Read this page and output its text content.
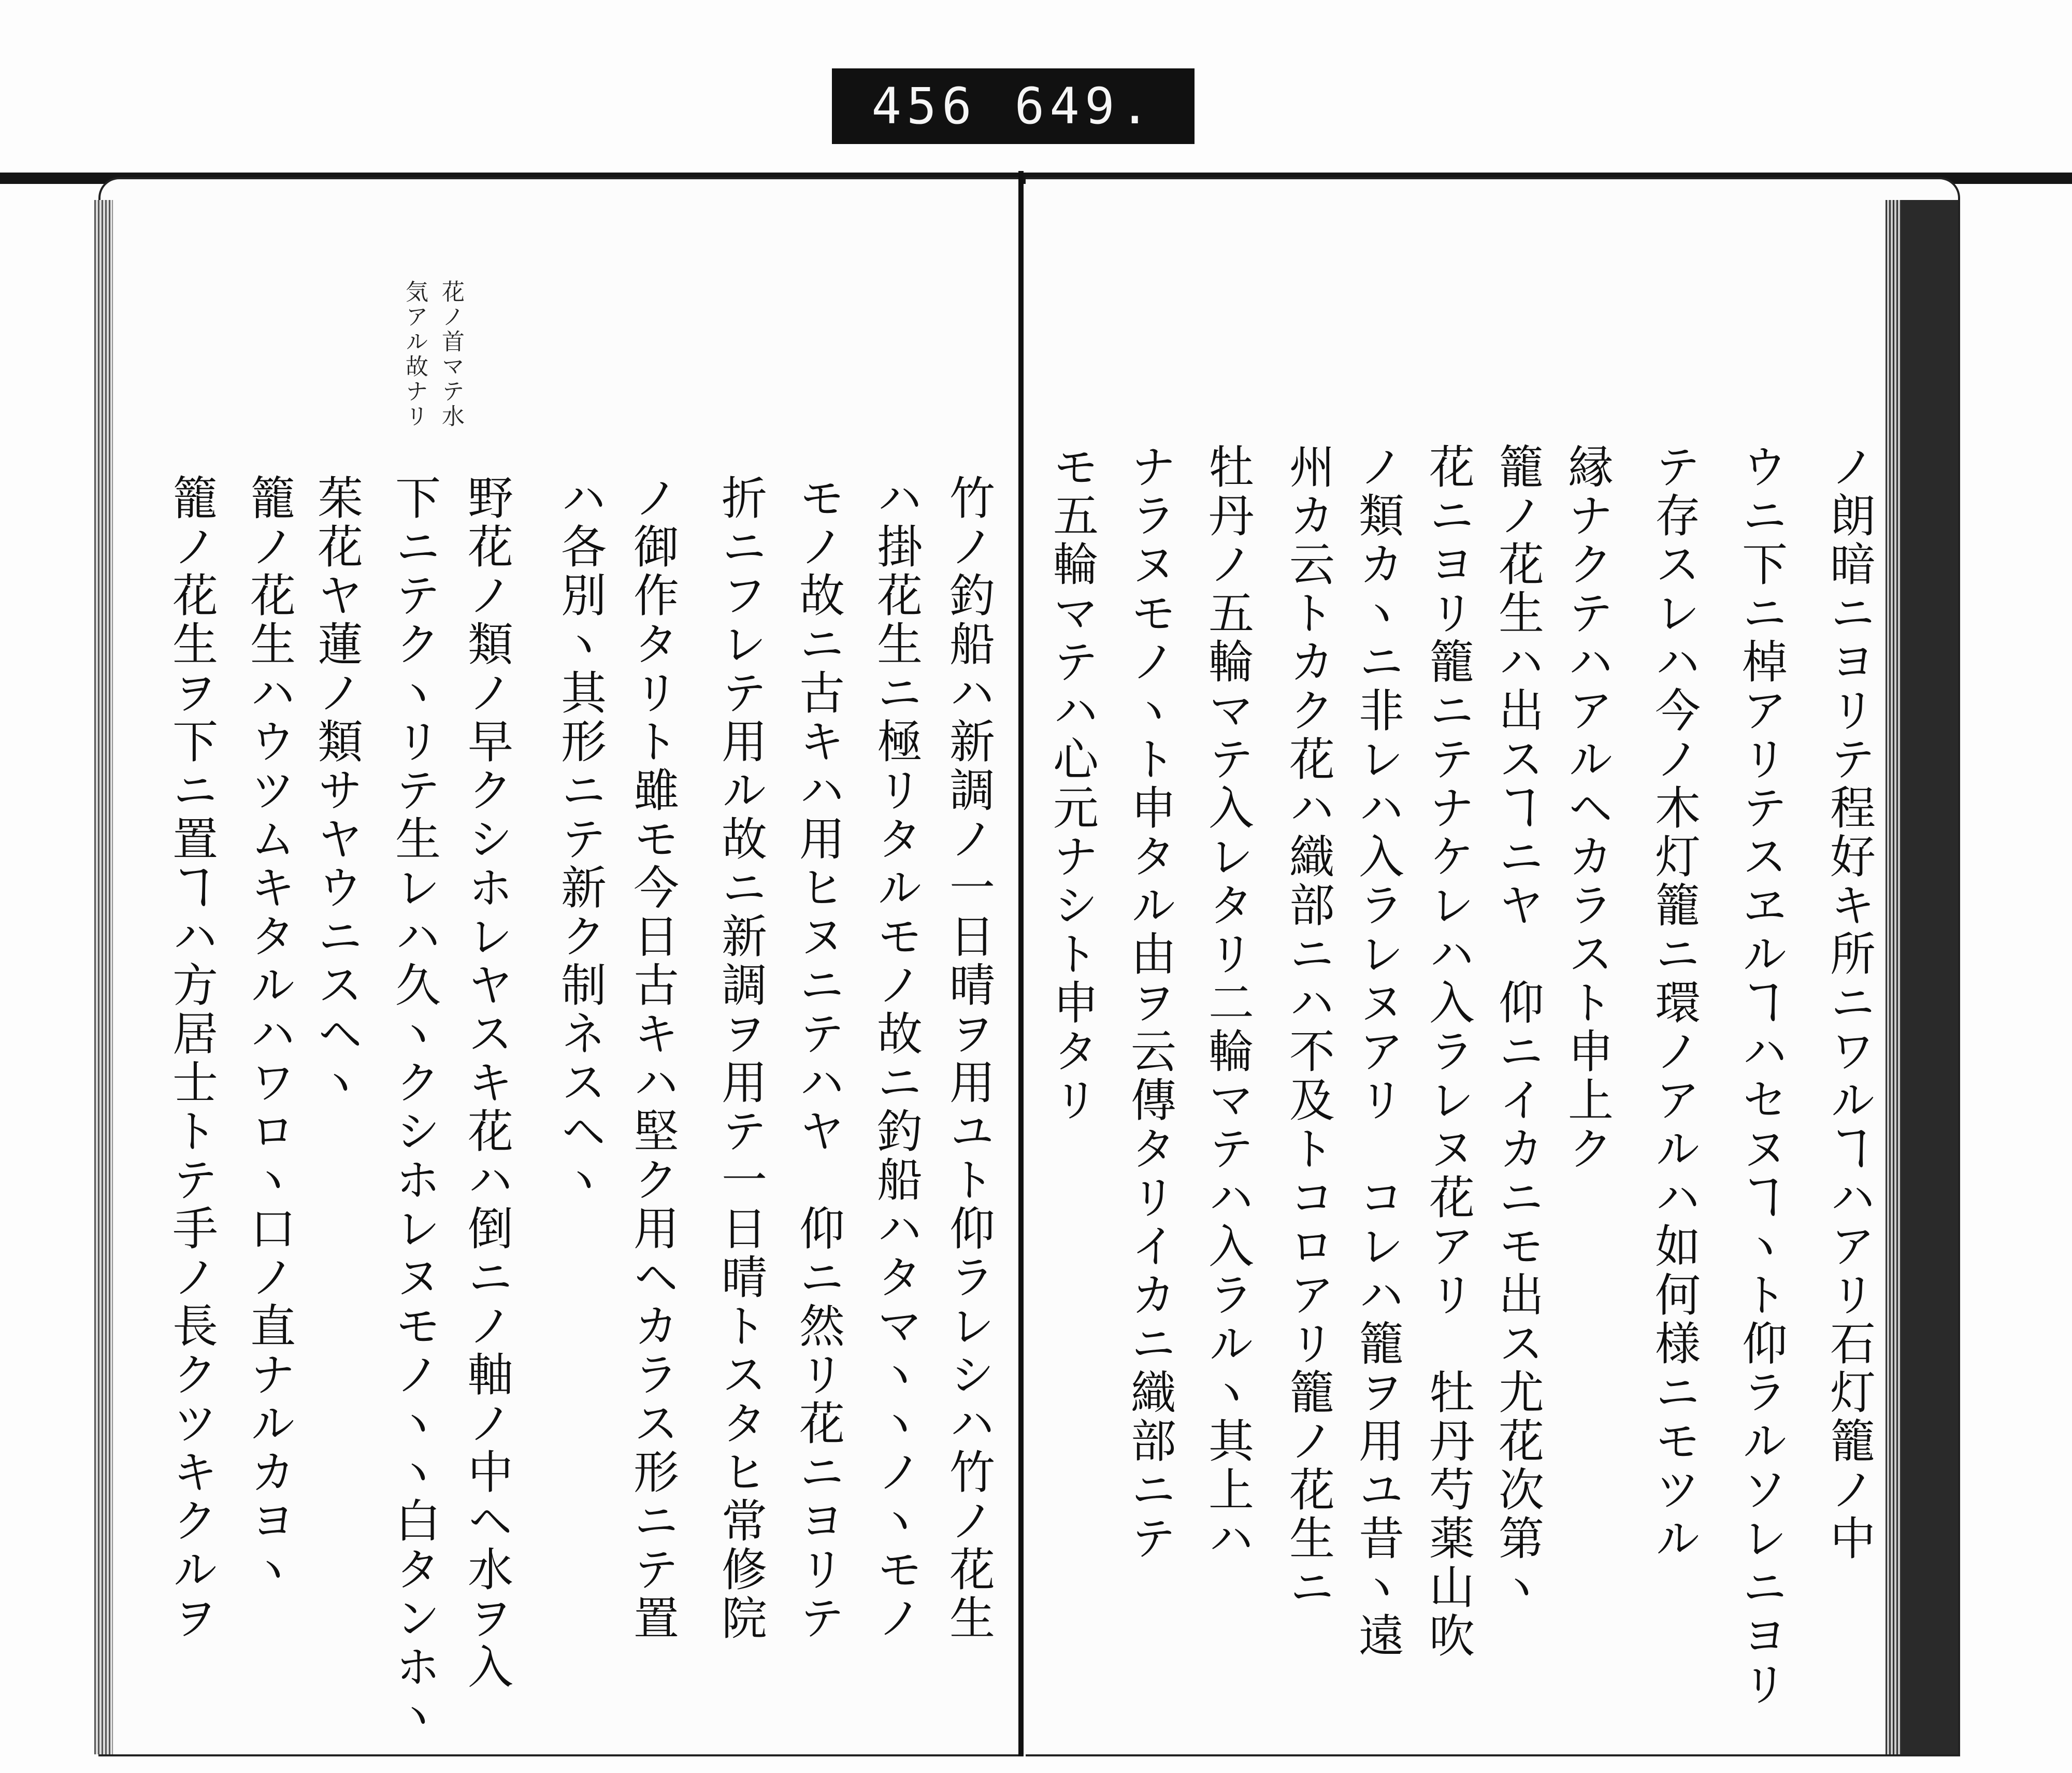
456 649.
ノ朗暗ニヨリテ程好キ所ニワルヿハアリ石灯籠ノ中
ウニ下ニ棹アリテスヱルヿハセヌヿヽト仰ラルソレニヨリ
テ存スレハ今ノ木灯籠ニ環ノアルハ如何様ニモツル
縁ナクテハアルヘカラスト申上ク
籠ノ花生ハ出スヿニヤ　仰ニイカニモ出ス尤花次第ヽ
花ニヨリ籠ニテナケレハ入ラレヌ花アリ　牡丹芍薬山吹
ノ類カヽニ非レハ入ラレヌアリ　コレハ籠ヲ用ユ昔ヽ遠
州カ云トカク花ハ織部ニハ不及トコロアリ籠ノ花生ニ
牡丹ノ五輪マテ入レタリ二輪マテハ入ラルヽ其上ハ
ナラヌモノヽト申タル由ヲ云傳タリイカニ織部ニテ
モ五輪マテハ心元ナシト申タリ
竹ノ釣船ハ新調ノ一日晴ヲ用ユト仰ラレシハ竹ノ花生
ハ掛花生ニ極リタルモノ故ニ釣船ハタマヽヽノヽモノ
モノ故ニ古キハ用ヒヌニテハヤ　仰ニ然リ花ニヨリテ
折ニフレテ用ル故ニ新調ヲ用テ一日晴トスタヒ常修院
ノ御作タリト雖モ今日古キハ堅ク用ヘカラス形ニテ置
ハ各別ヽ其形ニテ新ク制ネスヘヽ
野花ノ類ノ早クシホレヤスキ花ハ倒ニノ軸ノ中ヘ水ヲ入
下ニテクヽリテ生レハ久ヽクシホレヌモノヽヽ白タンホヽ
茱花ヤ蓮ノ類サヤウニスヘヽ
籠ノ花生ハウツムキタルハワロヽ口ノ直ナルカヨヽ
籠ノ花生ヲ下ニ置ヿハ方居士トテ手ノ長クツキクルヲ
花ノ首マテ水
気アル故ナリ
